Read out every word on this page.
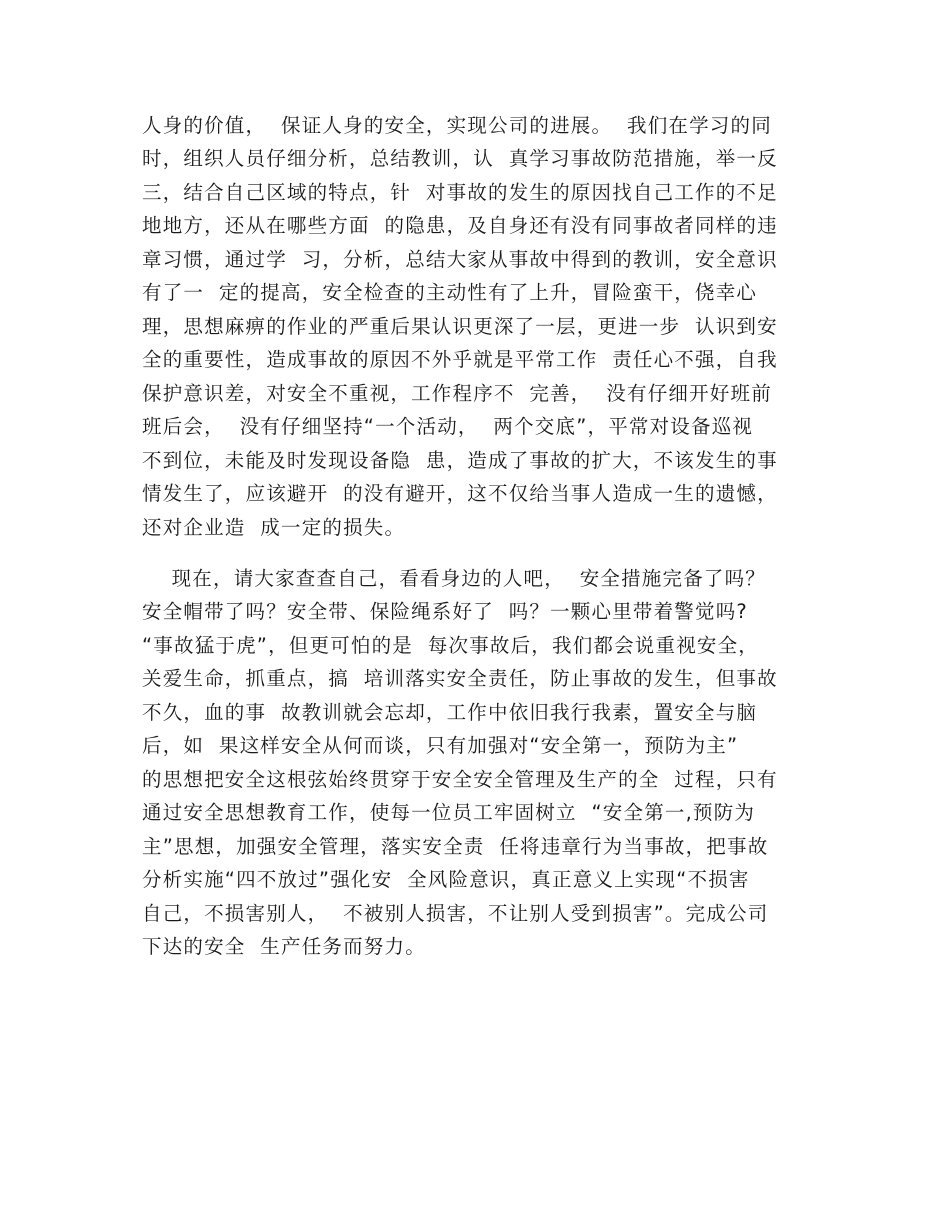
人身的价值，  保证人身的安全，实现公司的进展。  我们在学习的同
时，组织人员仔细分析，总结教训，认  真学习事故防范措施，举一反
三，结合自己区域的特点，针  对事故的发生的原因找自己工作的不足
地地方，还从在哪些方面  的隐患，及自身还有没有同事故者同样的违
章习惯，通过学  习，分析，总结大家从事故中得到的教训，安全意识
有了一  定的提高，安全检查的主动性有了上升，冒险蛮干，侥幸心
理，思想麻痹的作业的严重后果认识更深了一层，更进一步  认识到安
全的重要性，造成事故的原因不外乎就是平常工作  责任心不强，自我
保护意识差，对安全不重视，工作程序不  完善，  没有仔细开好班前
班后会，  没有仔细坚持“一个活动，  两个交底”，平常对设备巡视
不到位，未能及时发现设备隐  患，造成了事故的扩大，不该发生的事
情发生了，应该避开  的没有避开，这不仅给当事人造成一生的遗憾，
还对企业造  成一定的损失。
现在，请大家查查自己，看看身边的人吧，  安全措施完备了吗？
安全帽带了吗？安全带、保险绳系好了  吗？一颗心里带着警觉吗?
“事故猛于虎”，但更可怕的是  每次事故后，我们都会说重视安全，
关爱生命，抓重点，搞  培训落实安全责任，防止事故的发生，但事故
不久，血的事  故教训就会忘却，工作中依旧我行我素，置安全与脑
后，如  果这样安全从何而谈，只有加强对“安全第一，预防为主”
的思想把安全这根弦始终贯穿于安全安全管理及生产的全  过程，只有
通过安全思想教育工作，使每一位员工牢固树立  “安全第一,预防为
主”思想，加强安全管理，落实安全责  任将违章行为当事故，把事故
分析实施“四不放过”强化安  全风险意识，真正意义上实现“不损害
自己，不损害别人，  不被别人损害，不让别人受到损害”。完成公司
下达的安全  生产任务而努力。
